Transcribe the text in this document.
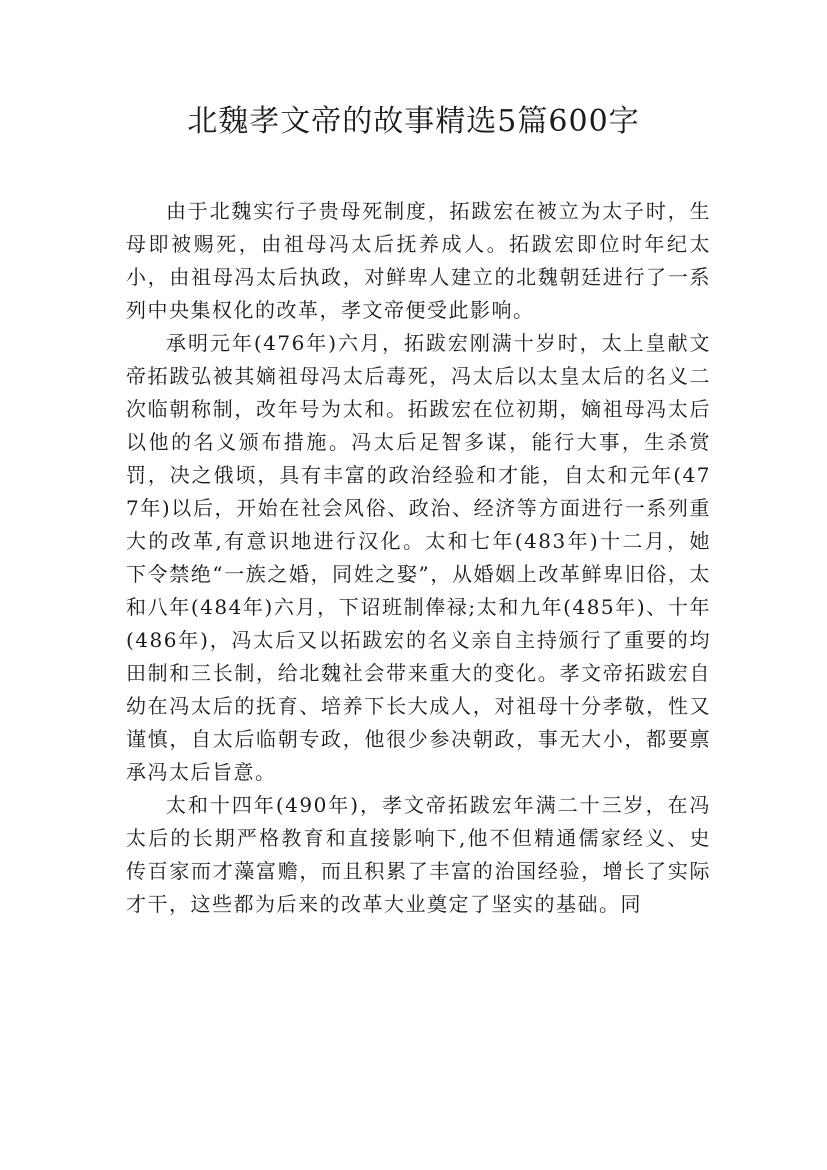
北魏孝文帝的故事精选5篇600字

由于北魏实行子贵母死制度，拓跋宏在被立为太子时，生母即被赐死，由祖母冯太后抚养成人。拓跋宏即位时年纪太小，由祖母冯太后执政，对鲜卑人建立的北魏朝廷进行了一系列中央集权化的改革，孝文帝便受此影响。

承明元年(476年)六月，拓跋宏刚满十岁时，太上皇献文帝拓跋弘被其嫡祖母冯太后毒死，冯太后以太皇太后的名义二次临朝称制，改年号为太和。拓跋宏在位初期，嫡祖母冯太后以他的名义颁布措施。冯太后足智多谋，能行大事，生杀赏罚，决之俄顷，具有丰富的政治经验和才能，自太和元年(477年)以后，开始在社会风俗、政治、经济等方面进行一系列重大的改革,有意识地进行汉化。太和七年(483年)十二月，她下令禁绝“一族之婚，同姓之娶”，从婚姻上改革鲜卑旧俗，太和八年(484年)六月，下诏班制俸禄;太和九年(485年)、十年(486年)，冯太后又以拓跋宏的名义亲自主持颁行了重要的均田制和三长制，给北魏社会带来重大的变化。孝文帝拓跋宏自幼在冯太后的抚育、培养下长大成人，对祖母十分孝敬，性又谨慎，自太后临朝专政，他很少参决朝政，事无大小，都要禀承冯太后旨意。

太和十四年(490年)，孝文帝拓跋宏年满二十三岁，在冯太后的长期严格教育和直接影响下,他不但精通儒家经义、史传百家而才藻富赡，而且积累了丰富的治国经验，增长了实际才干，这些都为后来的改革大业奠定了坚实的基础。同
